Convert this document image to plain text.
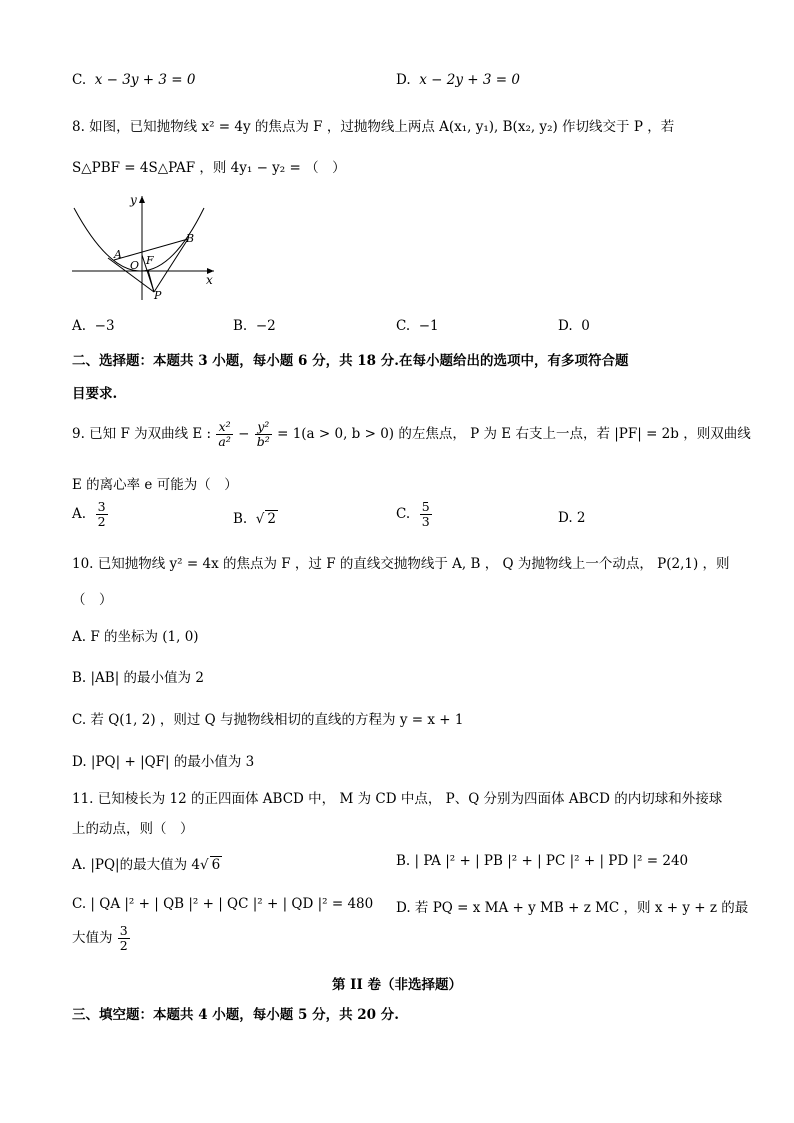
C. x − 3y + 3 = 0	D. x − 2y + 3 = 0
8. 如图，已知抛物线 x² = 4y 的焦点为 F ，过抛物线上两点 A(x₁, y₁), B(x₂, y₂) 作切线交于 P ，若
S△PBF = 4S△PAF ，则 4y₁ − y₂ = （　）
y
x
A
B
O F
P
A. −3	B. −2	C. −1	D. 0
二、选择题：本题共 3 小题，每小题 6 分，共 18 分.在每小题给出的选项中，有多项符合题
目要求.
9. 已知 F 为双曲线 E : $\frac{\text{x²}}{\text{a²}} - \frac{\text{y²}}{\text{b²}} = 1(a > 0$, b > 0) 的左焦点， P 为 E 右支上一点，若 |PF| = 2b ，则双曲线
E 的离心率 e 可能为（　）
A. $\frac{3}{2}$	B.  √ 2	C. $\frac{5}{3}$	D. 2
10. 已知抛物线 y² = 4x 的焦点为 F ，过 F 的直线交抛物线于 A, B ， Q 为抛物线上一个动点， P(2,1) ，则
（　）
A. F 的坐标为 (1, 0)
B. |AB| 的最小值为 2
C. 若 Q(1, 2) ，则过 Q 与抛物线相切的直线的方程为 y = x + 1
D. |PQ| + |QF| 的最小值为 3
11. 已知棱长为 12 的正四面体 ABCD 中， M 为 CD 中点， P、Q 分别为四面体 ABCD 的内切球和外接球
上的动点，则（　）
A. |PQ|的最大值为 4√ 6	B. | PA |² + | PB |² + | PC |² + | PD |² = 240
C. | QA |² + | QB |² + | QC |² + | QD |² = 480 D. 若 PQ = x MA + y MB + z MC ，则 x + y + z 的最
大值为 $\frac{3}{2}$
第 II 卷（非选择题）
三、填空题：本题共 4 小题，每小题 5 分，共 20 分.
